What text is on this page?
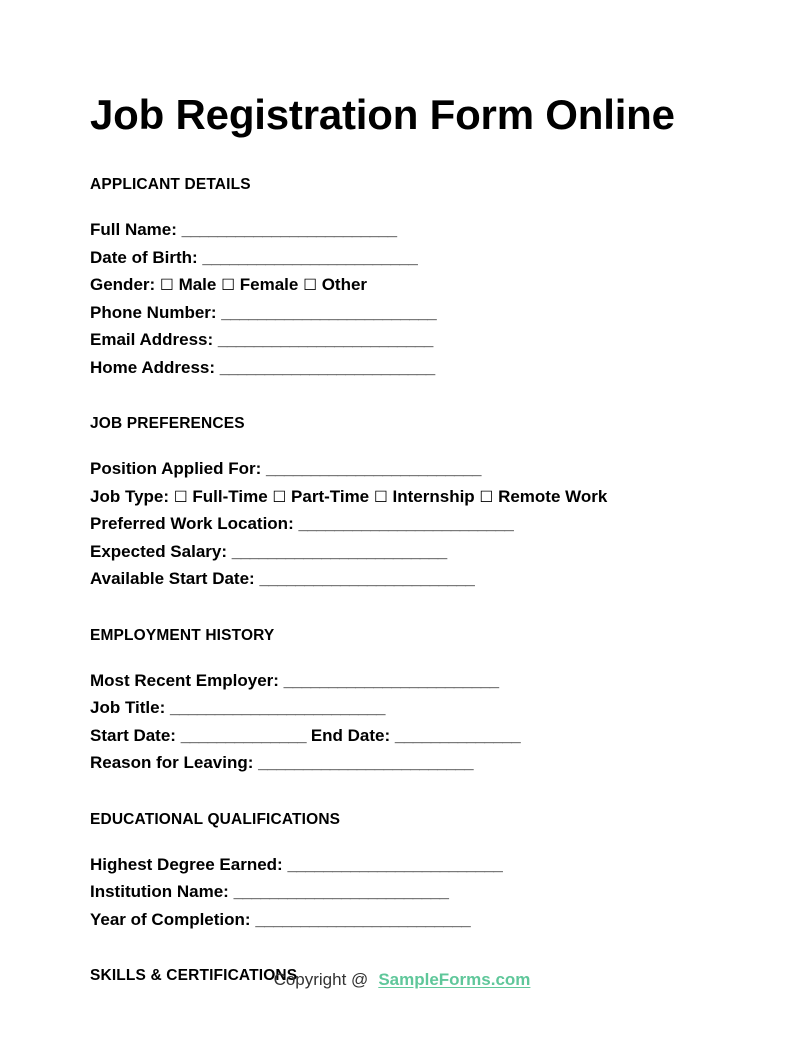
Job Registration Form Online
APPLICANT DETAILS
Full Name: ________________________
Date of Birth: ________________________
Gender: ☐ Male ☐ Female ☐ Other
Phone Number: ________________________
Email Address: ________________________
Home Address: ________________________
JOB PREFERENCES
Position Applied For: ________________________
Job Type: ☐ Full-Time ☐ Part-Time ☐ Internship ☐ Remote Work
Preferred Work Location: ________________________
Expected Salary: ________________________
Available Start Date: ________________________
EMPLOYMENT HISTORY
Most Recent Employer: ________________________
Job Title: ________________________
Start Date: ______________ End Date: ______________
Reason for Leaving: ________________________
EDUCATIONAL QUALIFICATIONS
Highest Degree Earned: ________________________
Institution Name: ________________________
Year of Completion: ________________________
SKILLS & CERTIFICATIONS
Copyright @ SampleForms.com
